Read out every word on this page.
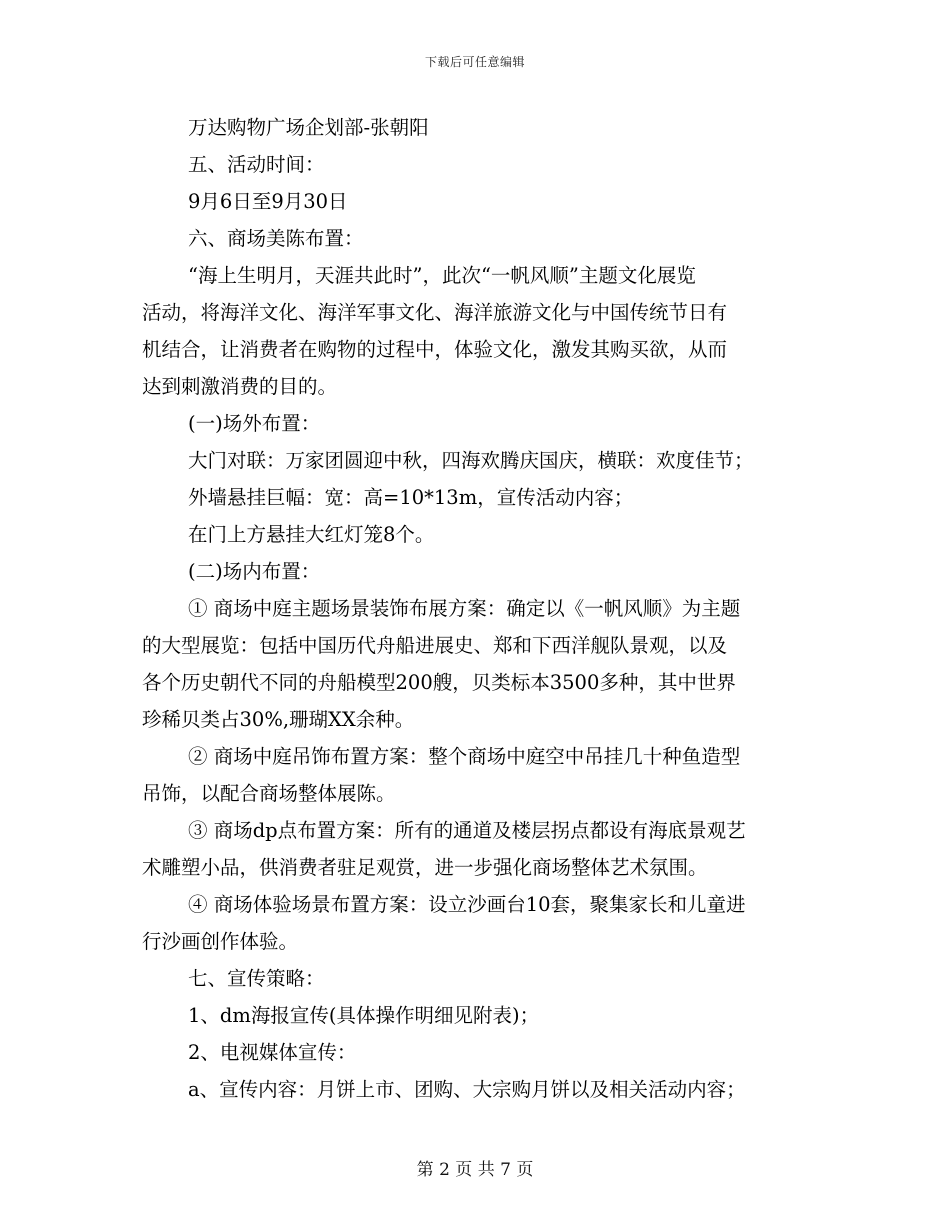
下载后可任意编辑
万达购物广场企划部-张朝阳
五、活动时间：
9月6日至9月30日
六、商场美陈布置：
“海上生明月，天涯共此时”，此次“一帆风顺”主题文化展览
活动，将海洋文化、海洋军事文化、海洋旅游文化与中国传统节日有
机结合，让消费者在购物的过程中，体验文化，激发其购买欲，从而
达到刺激消费的目的。
(一)场外布置：
大门对联：万家团圆迎中秋，四海欢腾庆国庆，横联：欢度佳节；
外墙悬挂巨幅：宽：高=10*13m，宣传活动内容；
在门上方悬挂大红灯笼8个。
(二)场内布置：
① 商场中庭主题场景装饰布展方案：确定以《一帆风顺》为主题
的大型展览：包括中国历代舟船进展史、郑和下西洋舰队景观，以及
各个历史朝代不同的舟船模型200艘，贝类标本3500多种，其中世界
珍稀贝类占30%,珊瑚XX余种。
② 商场中庭吊饰布置方案：整个商场中庭空中吊挂几十种鱼造型
吊饰，以配合商场整体展陈。
③ 商场dp点布置方案：所有的通道及楼层拐点都设有海底景观艺
术雕塑小品，供消费者驻足观赏，进一步强化商场整体艺术氛围。
④ 商场体验场景布置方案：设立沙画台10套，聚集家长和儿童进
行沙画创作体验。
七、宣传策略：
1、dm海报宣传(具体操作明细见附表)；
2、电视媒体宣传：
a、宣传内容：月饼上市、团购、大宗购月饼以及相关活动内容；
第 2 页 共 7 页
